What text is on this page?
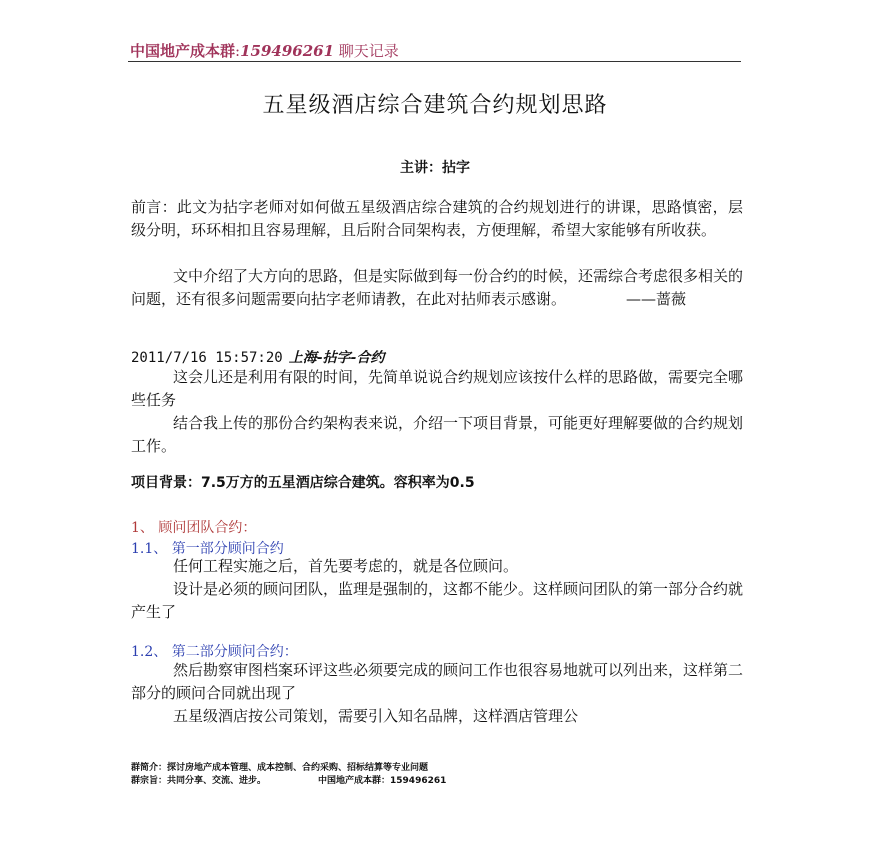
中国地产成本群:159496261 聊天记录
五星级酒店综合建筑合约规划思路
主讲：拈字

前言：此文为拈字老师对如何做五星级酒店综合建筑的合约规划进行的讲课，思路慎密，层级分明，环环相扣且容易理解，且后附合同架构表，方便理解，希望大家能够有所收获。

文中介绍了大方向的思路，但是实际做到每一份合约的时候，还需综合考虑很多相关的问题，还有很多问题需要向拈字老师请教，在此对拈师表示感谢。	——蔷薇

2011/7/16 15:57:20 上海-拈字-合约

这会儿还是利用有限的时间，先简单说说合约规划应该按什么样的思路做，需要完全哪些任务

结合我上传的那份合约架构表来说，介绍一下项目背景，可能更好理解要做的合约规划工作。

项目背景：7.5万方的五星酒店综合建筑。容积率为0.5
1、 顾问团队合约：
1.1、 第一部分顾问合约

任何工程实施之后，首先要考虑的，就是各位顾问。

设计是必须的顾问团队，监理是强制的，这都不能少。这样顾问团队的第一部分合约就产生了

1.2、 第二部分顾问合约：

然后勘察审图档案环评这些必须要完成的顾问工作也很容易地就可以列出来，这样第二部分的顾问合同就出现了

五星级酒店按公司策划，需要引入知名品牌，这样酒店管理公

群简介：探讨房地产成本管理、成本控制、合约采购、招标结算等专业问题
群宗旨：共同分享、交流、进步。	中国地产成本群：159496261
